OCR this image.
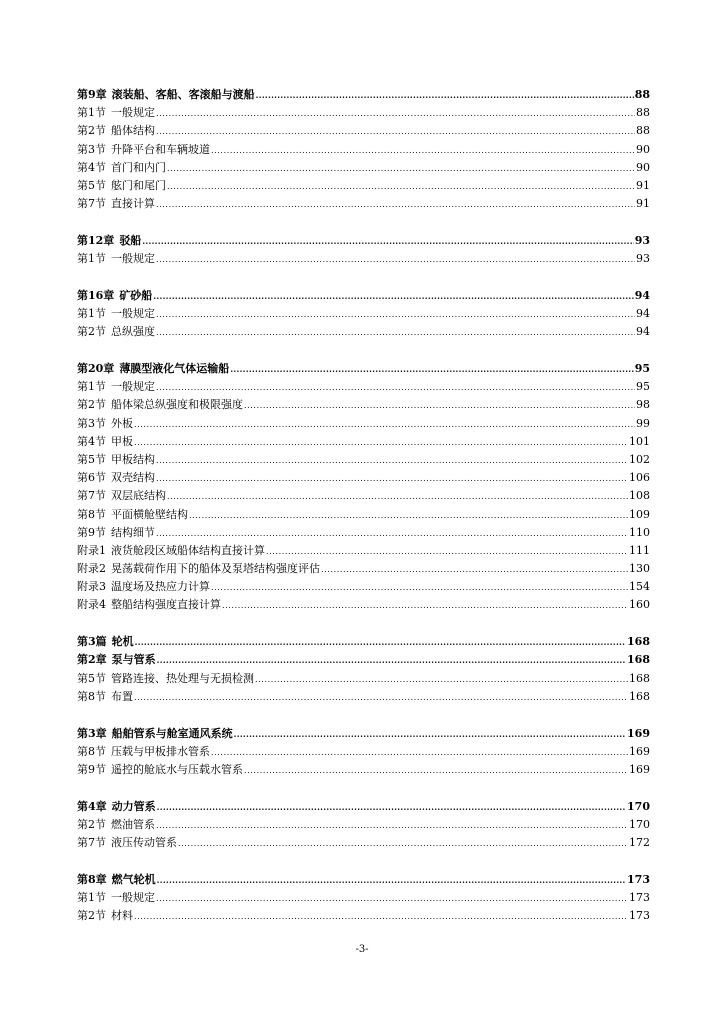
第9章 滚装船、客船、客滚船与渡船 .....	88
第1节 一般规定 .....	88
第2节 船体结构 .....	88
第3节 升降平台和车辆坡道 .....	90
第4节 首门和内门 .....	90
第5节 舷门和尾门 .....	91
第7节 直接计算 .....	91
第12章 驳船 .....	93
第1节 一般规定 .....	93
第16章 矿砂船 .....	94
第1节 一般规定 .....	94
第2节 总纵强度 .....	94
第20章 薄膜型液化气体运输船 .....	95
第1节 一般规定 .....	95
第2节 船体梁总纵强度和极限强度 .....	98
第3节 外板 .....	99
第4节 甲板 .....	101
第5节 甲板结构 .....	102
第6节 双壳结构 .....	106
第7节 双层底结构 .....	108
第8节 平面横舱壁结构 .....	109
第9节 结构细节 .....	110
附录1 液货舱段区域船体结构直接计算 .....	111
附录2 晃荡载荷作用下的船体及泵塔结构强度评估 .....	130
附录3 温度场及热应力计算 .....	154
附录4 整船结构强度直接计算 .....	160
第3篇 轮机 .....	168
第2章 泵与管系 .....	168
第5节 管路连接、热处理与无损检测 .....	168
第8节 布置 .....	168
第3章 船舶管系与舱室通风系统 .....	169
第8节 压载与甲板排水管系 .....	169
第9节 遥控的舱底水与压载水管系 .....	169
第4章 动力管系 .....	170
第2节 燃油管系 .....	170
第7节 液压传动管系 .....	172
第8章 燃气轮机 .....	173
第1节 一般规定 .....	173
第2节 材料 .....	173
-3-
